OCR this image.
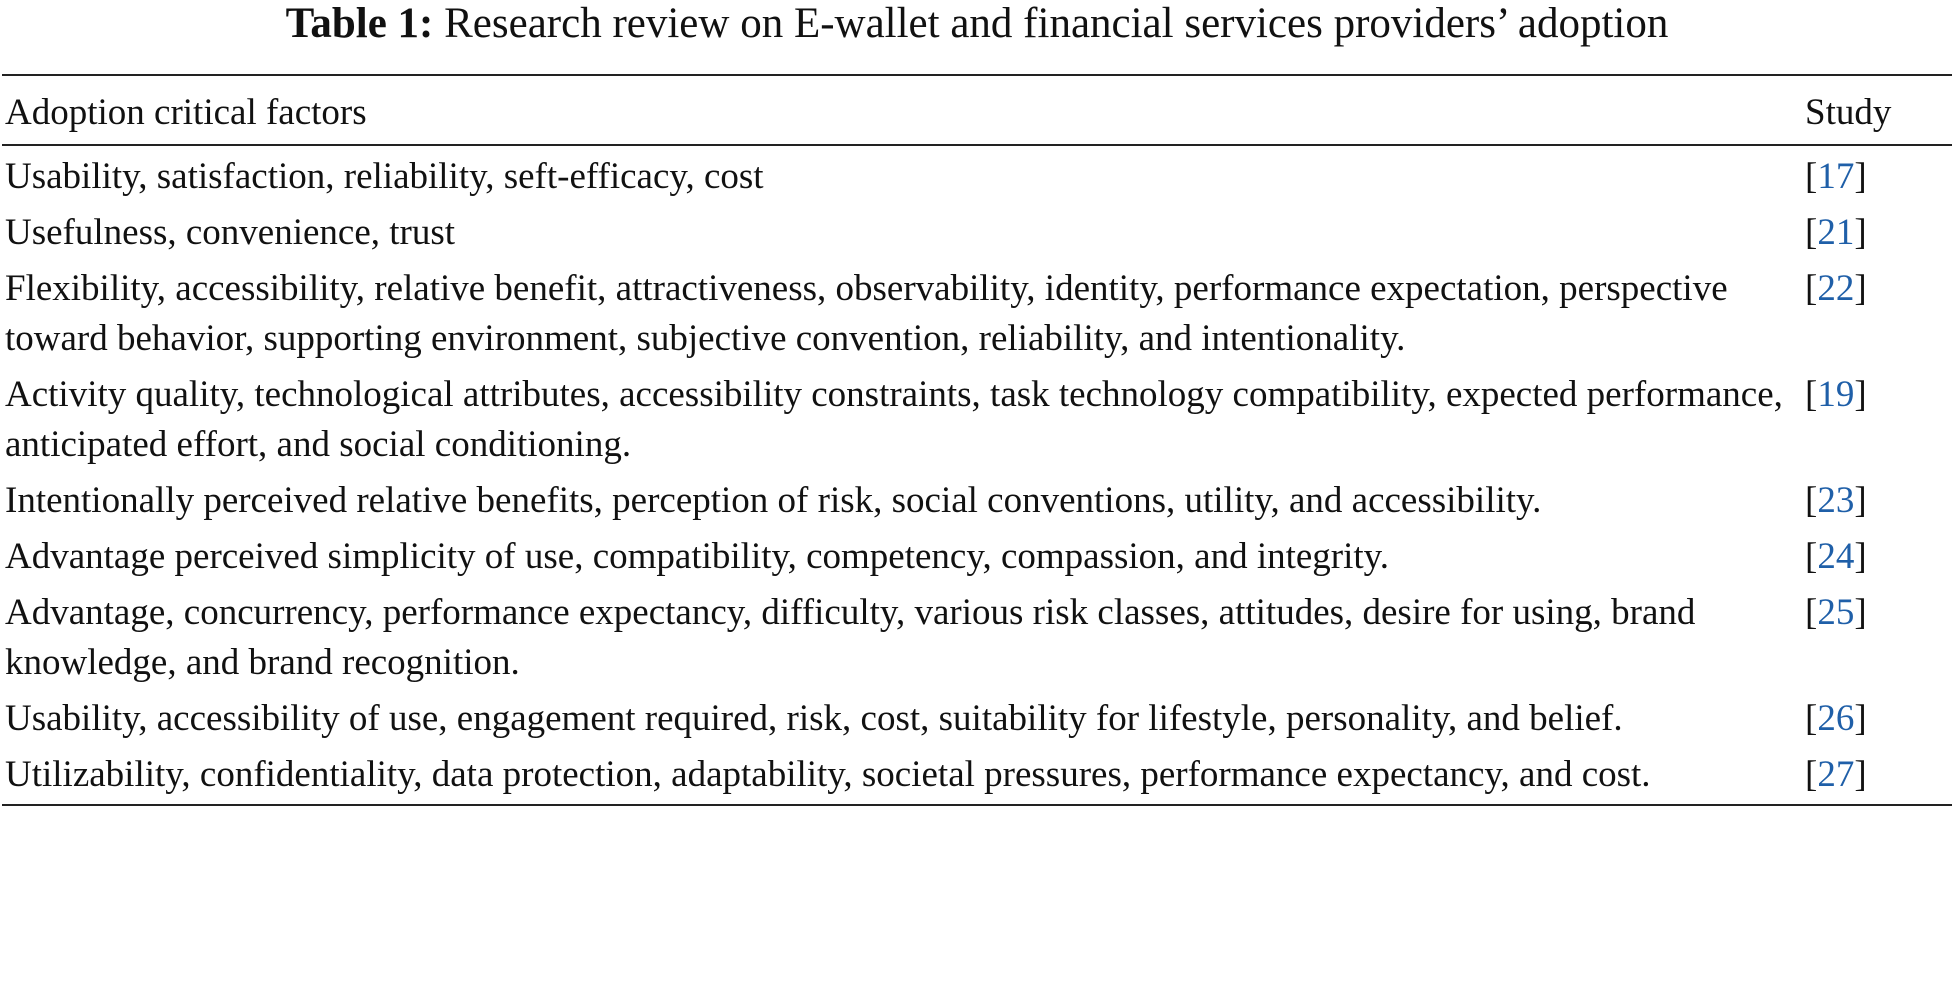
Table 1: Research review on E-wallet and financial services providers’ adoption

Adoption critical factors	Study
Usability, satisfaction, reliability, seft-efficacy, cost	[17]
Usefulness, convenience, trust	[21]
Flexibility, accessibility, relative benefit, attractiveness, observability, identity, performance expectation, perspective toward behavior, supporting environment, subjective convention, reliability, and intentionality.	[22]
Activity quality, technological attributes, accessibility constraints, task technology compatibility, expected performance, anticipated effort, and social conditioning.	[19]
Intentionally perceived relative benefits, perception of risk, social conventions, utility, and accessibility.	[23]
Advantage perceived simplicity of use, compatibility, competency, compassion, and integrity.	[24]
Advantage, concurrency, performance expectancy, difficulty, various risk classes, attitudes, desire for using, brand knowledge, and brand recognition.	[25]
Usability, accessibility of use, engagement required, risk, cost, suitability for lifestyle, personality, and belief.	[26]
Utilizability, confidentiality, data protection, adaptability, societal pressures, performance expectancy, and cost.	[27]
